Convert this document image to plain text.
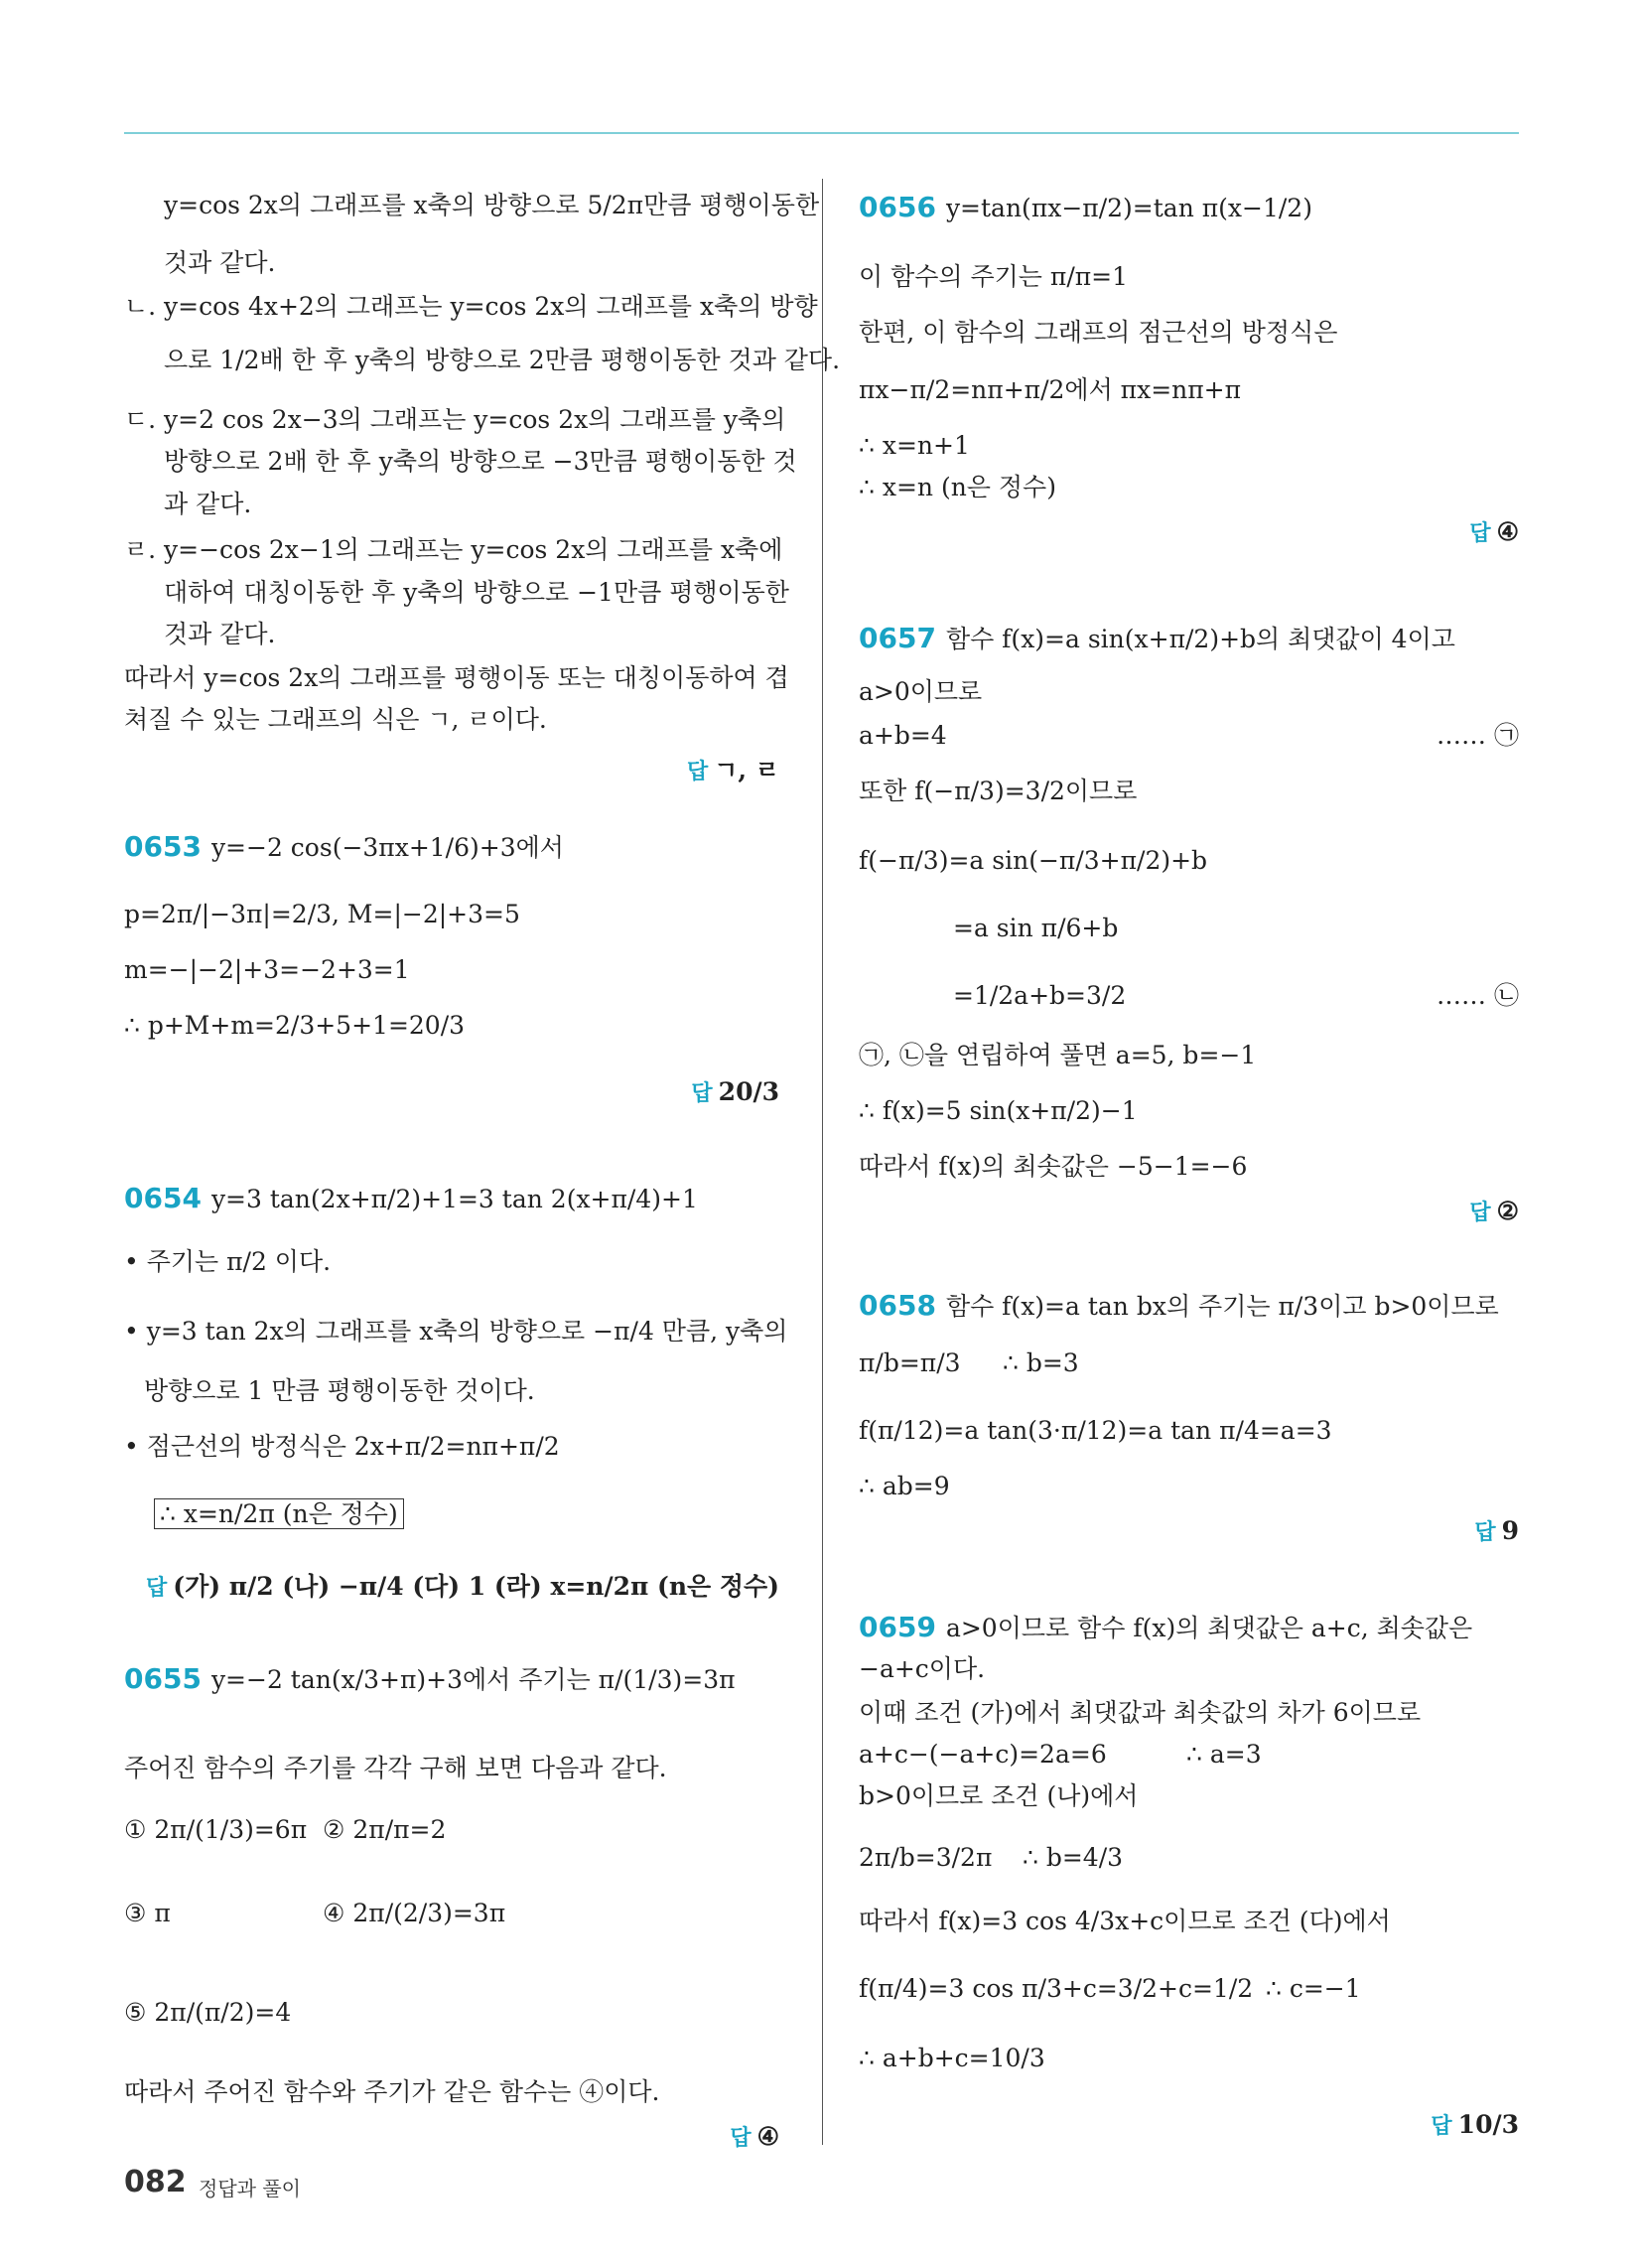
y=cos 2x의 그래프를 x축의 방향으로 5/2π만큼 평행이동한
것과 같다.
ㄴ. y=cos 4x+2의 그래프는 y=cos 2x의 그래프를 x축의 방향
으로 1/2배 한 후 y축의 방향으로 2만큼 평행이동한 것과 같다.
ㄷ. y=2 cos 2x−3의 그래프는 y=cos 2x의 그래프를 y축의
방향으로 2배 한 후 y축의 방향으로 −3만큼 평행이동한 것
과 같다.
ㄹ. y=−cos 2x−1의 그래프는 y=cos 2x의 그래프를 x축에
대하여 대칭이동한 후 y축의 방향으로 −1만큼 평행이동한
것과 같다.
따라서 y=cos 2x의 그래프를 평행이동 또는 대칭이동하여 겹
쳐질 수 있는 그래프의 식은 ㄱ, ㄹ이다.
답 ㄱ, ㄹ
0653 y=−2 cos(−3πx+1/6)+3에서
p=2π/|−3π|=2/3, M=|−2|+3=5
m=−|−2|+3=−2+3=1
∴ p+M+m=2/3+5+1=20/3
답 20/3
0654 y=3 tan(2x+π/2)+1=3 tan 2(x+π/4)+1
• 주기는 π/2 이다.
• y=3 tan 2x의 그래프를 x축의 방향으로 −π/4 만큼, y축의
방향으로 1 만큼 평행이동한 것이다.
• 점근선의 방정식은 2x+π/2=nπ+π/2
∴ x=n/2π (n은 정수)
답 (가) π/2 (나) −π/4 (다) 1 (라) x=n/2π (n은 정수)
0655 y=−2 tan(x/3+π)+3에서 주기는 π/(1/3)=3π
주어진 함수의 주기를 각각 구해 보면 다음과 같다.
① 2π/(1/3)=6π ② 2π/π=2
③ π	④ 2π/(2/3)=3π
⑤ 2π/(π/2)=4
따라서 주어진 함수와 주기가 같은 함수는 ④이다.
답 ④
0656 y=tan(πx−π/2)=tan π(x−1/2)
이 함수의 주기는 π/π=1
한편, 이 함수의 그래프의 점근선의 방정식은
πx−π/2=nπ+π/2에서 πx=nπ+π
∴ x=n+1
∴ x=n (n은 정수)
답 ④
0657 함수 f(x)=a sin(x+π/2)+b의 최댓값이 4이고
a>0이므로
a+b=4	…… ㉠
또한 f(−π/3)=3/2이므로
f(−π/3)=a sin(−π/3+π/2)+b
=a sin π/6+b
=1/2a+b=3/2	…… ㉡
㉠, ㉡을 연립하여 풀면 a=5, b=−1
∴ f(x)=5 sin(x+π/2)−1
따라서 f(x)의 최솟값은 −5−1=−6
답 ②
0658 함수 f(x)=a tan bx의 주기는 π/3이고 b>0이므로
π/b=π/3 ∴ b=3
f(π/12)=a tan(3·π/12)=a tan π/4=a=3
∴ ab=9
답 9
0659 a>0이므로 함수 f(x)의 최댓값은 a+c, 최솟값은
−a+c이다.
이때 조건 (가)에서 최댓값과 최솟값의 차가 6이므로
a+c−(−a+c)=2a=6	∴ a=3
b>0이므로 조건 (나)에서
2π/b=3/2π ∴ b=4/3
따라서 f(x)=3 cos 4/3x+c이므로 조건 (다)에서
f(π/4)=3 cos π/3+c=3/2+c=1/2 ∴ c=−1
∴ a+b+c=10/3
답 10/3
082 정답과 풀이
